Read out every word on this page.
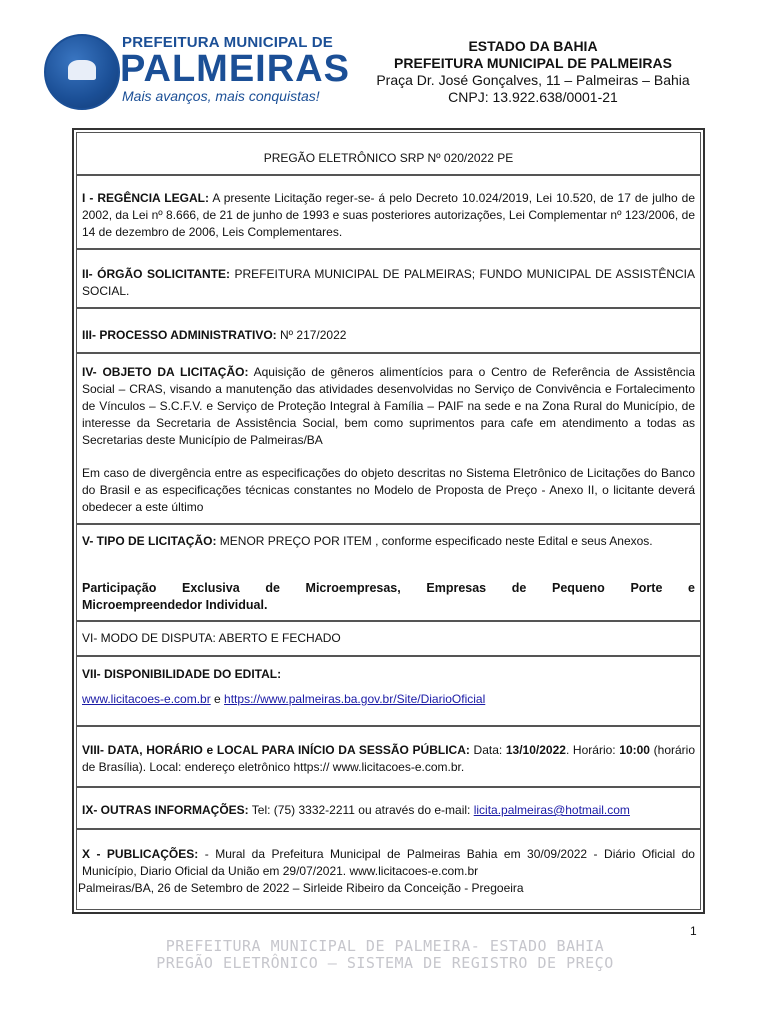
PREFEITURA MUNICIPAL DE
PALMEIRAS
Mais avanços, mais conquistas!
ESTADO DA BAHIA
PREFEITURA MUNICIPAL DE PALMEIRAS
Praça Dr. José Gonçalves, 11 – Palmeiras – Bahia
CNPJ: 13.922.638/0001-21
PREGÃO ELETRÔNICO SRP Nº 020/2022 PE
I - REGÊNCIA LEGAL: A presente Licitação reger-se- á pelo Decreto 10.024/2019, Lei 10.520, de 17 de julho de 2002, da Lei nº 8.666, de 21 de junho de 1993 e suas posteriores autorizações, Lei Complementar nº 123/2006, de 14 de dezembro de 2006, Leis Complementares.
II- ÓRGÃO SOLICITANTE: PREFEITURA MUNICIPAL DE PALMEIRAS; FUNDO MUNICIPAL DE ASSISTÊNCIA SOCIAL.
III- PROCESSO ADMINISTRATIVO: Nº 217/2022
IV- OBJETO DA LICITAÇÃO: Aquisição de gêneros alimentícios para o Centro de Referência de Assistência Social – CRAS, visando a manutenção das atividades desenvolvidas no Serviço de Convivência e Fortalecimento de Vínculos – S.C.F.V. e Serviço de Proteção Integral à Família – PAIF na sede e na Zona Rural do Município, de interesse da Secretaria de Assistência Social, bem como suprimentos para cafe em atendimento a todas as Secretarias deste Município de Palmeiras/BA
Em caso de divergência entre as especificações do objeto descritas no Sistema Eletrônico de Licitações do Banco do Brasil e as especificações técnicas constantes no Modelo de Proposta de Preço - Anexo II, o licitante deverá obedecer a este último
V- TIPO DE LICITAÇÃO: MENOR PREÇO POR ITEM , conforme especificado neste Edital e seus Anexos.
Participação Exclusiva de Microempresas, Empresas de Pequeno Porte e
Microempreendedor Individual.
VI- MODO DE DISPUTA: ABERTO E FECHADO
VII- DISPONIBILIDADE DO EDITAL:
www.licitacoes-e.com.br e https://www.palmeiras.ba.gov.br/Site/DiarioOficial
VIII- DATA, HORÁRIO e LOCAL PARA INÍCIO DA SESSÃO PÚBLICA: Data: 13/10/2022. Horário: 10:00 (horário de Brasília). Local: endereço eletrônico https:// www.licitacoes-e.com.br.
IX- OUTRAS INFORMAÇÕES: Tel: (75) 3332-2211 ou através do e-mail: licita.palmeiras@hotmail.com
X - PUBLICAÇÕES: - Mural da Prefeitura Municipal de Palmeiras Bahia em 30/09/2022 - Diário Oficial do Município, Diario Oficial da União em 29/07/2021. www.licitacoes-e.com.br
Palmeiras/BA, 26 de Setembro de 2022 – Sirleide Ribeiro da Conceição - Pregoeira
1
PREFEITURA MUNICIPAL DE PALMEIRA- ESTADO BAHIA
PREGÃO ELETRÔNICO – SISTEMA DE REGISTRO DE PREÇO
